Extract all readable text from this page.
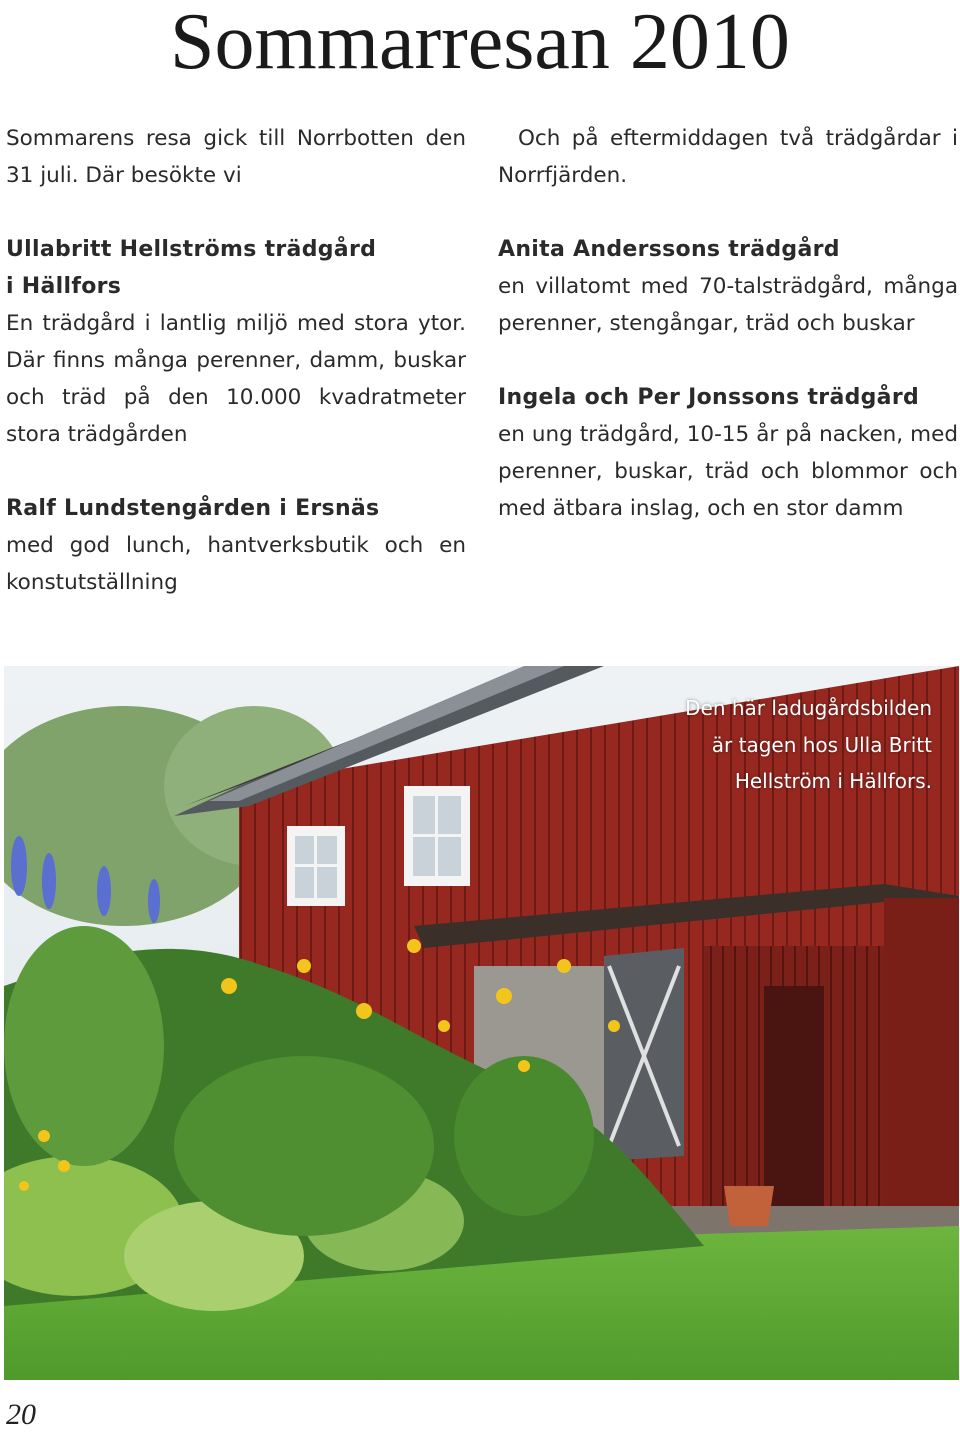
Sommarresan 2010

Sommarens resa gick till Norrbotten den 31 juli. Där besökte vi

Ullabritt Hellströms trädgård
i Hällfors

En trädgård i lantlig miljö med stora ytor. Där finns många perenner, damm, buskar och träd på den 10.000 kvadratmeter stora trädgården

Ralf Lundstengården i Ersnäs

med god lunch, hantverksbutik och en konstutställning

Och på eftermiddagen två trädgårdar i Norrfjärden.

Anita Anderssons trädgård

en villatomt med 70-talsträdgård, många perenner, stengångar, träd och buskar

Ingela och Per Jonssons trädgård

en ung trädgård, 10-15 år på nacken, med perenner, buskar, träd och blommor och med ätbara inslag, och en stor damm

Den här ladugårdsbilden
är tagen hos Ulla Britt
Hellström i Hällfors.
20
